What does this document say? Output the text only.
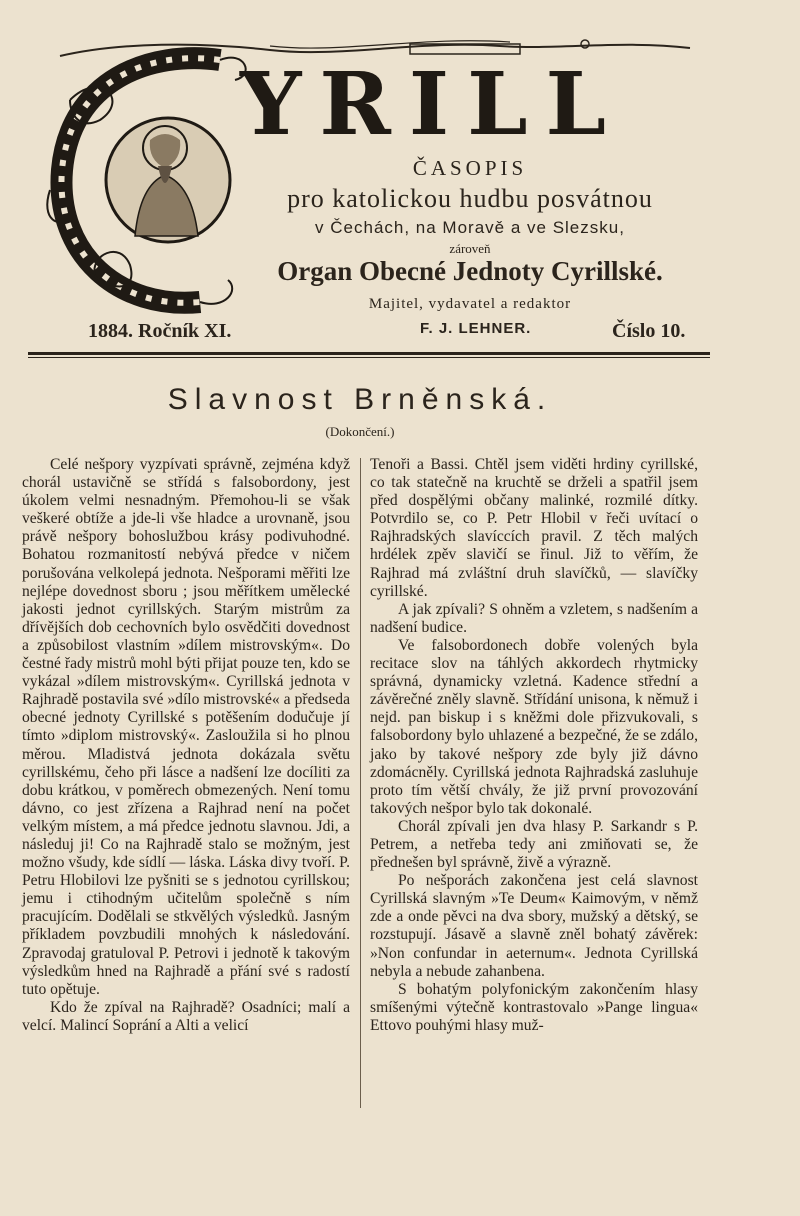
YRILL
ČASOPIS
pro katolickou hudbu posvátnou
v Čechách, na Moravě a ve Slezsku,
zároveň
Organ Obecné Jednoty Cyrillské.
Majitel, vydavatel a redaktor
1884. Ročník XI.	F. J. LEHNER.	Číslo 10.
Slavnost Brněnská.
(Dokončení.)

Celé nešpory vyzpívati správně, zejména když chorál ustavičně se střídá s falsobordony, jest úkolem velmi nesnadným. Přemohou-li se však veškeré obtíže a jde-li vše hladce a urovnaně, jsou právě nešpory bohoslužbou krásy podivuhodné. Bohatou rozmanitostí nebývá předce v ničem porušována velkolepá jednota. Nešporami měřiti lze nejlépe dovednost sboru ; jsou měřítkem umělecké jakosti jednot cyrillských. Starým mistrům za dřívějších dob cechovních bylo osvědčiti dovednost a způsobilost vlastním »dílem mistrovským«. Do čestné řady mistrů mohl býti přijat pouze ten, kdo se vykázal »dílem mistrovským«. Cyrillská jednota v Rajhradě postavila své »dílo mistrovské« a předseda obecné jednoty Cyrillské s potěšením dodučuje jí tímto »diplom mistrovský«. Zasloužila si ho plnou měrou. Mladistvá jednota dokázala světu cyrillskému, čeho při lásce a nadšení lze docíliti za dobu krátkou, v poměrech obmezených. Není tomu dávno, co jest zřízena a Rajhrad není na počet velkým místem, a má předce jednotu slavnou. Jdi, a následuj ji! Co na Rajhradě stalo se možným, jest možno všudy, kde sídlí — láska. Láska divy tvoří. P. Petru Hlobilovi lze pyšniti se s jednotou cyrillskou; jemu i ctihodným učitelům společně s ním pracujícím. Dodělali se stkvělých výsledků. Jasným příkladem povzbudili mnohých k následování. Zpravodaj gratuloval P. Petrovi i jednotě k takovým výsledkům hned na Rajhradě a přání své s radostí tuto opětuje.

Kdo že zpíval na Rajhradě? Osadníci; malí a velcí. Malincí Soprání a Alti a velicí

Tenoři a Bassi. Chtěl jsem viděti hrdiny cyrillské, co tak statečně na kruchtě se drželi a spatřil jsem před dospělými občany malinké, rozmilé dítky. Potvrdilo se, co P. Petr Hlobil v řeči uvítací o Rajhradských slavíccích pravil. Z těch malých hrdélek zpěv slavičí se řinul. Již to věřím, že Rajhrad má zvláštní druh slavíčků, — slavíčky cyrillské.

A jak zpívali? S ohněm a vzletem, s nadšením a nadšení budice.

Ve falsobordonech dobře volených byla recitace slov na táhlých akkordech rhytmicky správná, dynamicky vzletná. Kadence střední a závěrečné zněly slavně. Střídání unisona, k němuž i nejd. pan biskup i s kněžmi dole přizvukovali, s falsobordony bylo uhlazené a bezpečné, že se zdálo, jako by takové nešpory zde byly již dávno zdomácněly. Cyrillská jednota Rajhradská zasluhuje proto tím větší chvály, že již první provozování takových nešpor bylo tak dokonalé.

Chorál zpívali jen dva hlasy P. Sarkandr s P. Petrem, a netřeba tedy ani zmiňovati se, že přednešen byl správně, živě a výrazně.

Po nešporách zakončena jest celá slavnost Cyrillská slavným »Te Deum« Kaimovým, v němž zde a onde pěvci na dva sbory, mužský a dětský, se rozstupují. Jásavě a slavně zněl bohatý závěrek: »Non confundar in aeternum«. Jednota Cyrillská nebyla a nebude zahanbena.

S bohatým polyfonickým zakončením hlasy smíšenými výtečně kontrastovalo »Pange lingua« Ettovo pouhými hlasy muž-
